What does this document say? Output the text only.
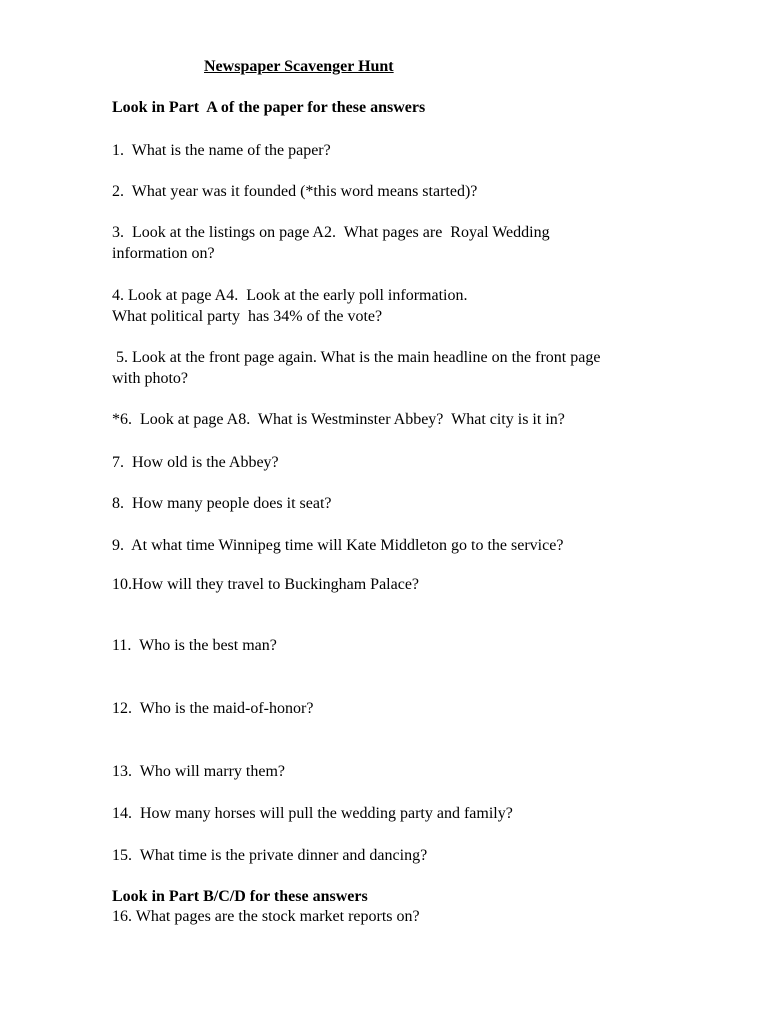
Newspaper Scavenger Hunt

Look in Part  A of the paper for these answers

1.  What is the name of the paper?

2.  What year was it founded (*this word means started)?

3.  Look at the listings on page A2.  What pages are  Royal Wedding

information on?

4. Look at page A4.  Look at the early poll information.

What political party  has 34% of the vote?

5. Look at the front page again. What is the main headline on the front page

with photo?

*6.  Look at page A8.  What is Westminster Abbey?  What city is it in?

7.  How old is the Abbey?

8.  How many people does it seat?

9.  At what time Winnipeg time will Kate Middleton go to the service?

10.How will they travel to Buckingham Palace?

11.  Who is the best man?

12.  Who is the maid-of-honor?

13.  Who will marry them?

14.  How many horses will pull the wedding party and family?

15.  What time is the private dinner and dancing?

Look in Part B/C/D for these answers

16. What pages are the stock market reports on?
